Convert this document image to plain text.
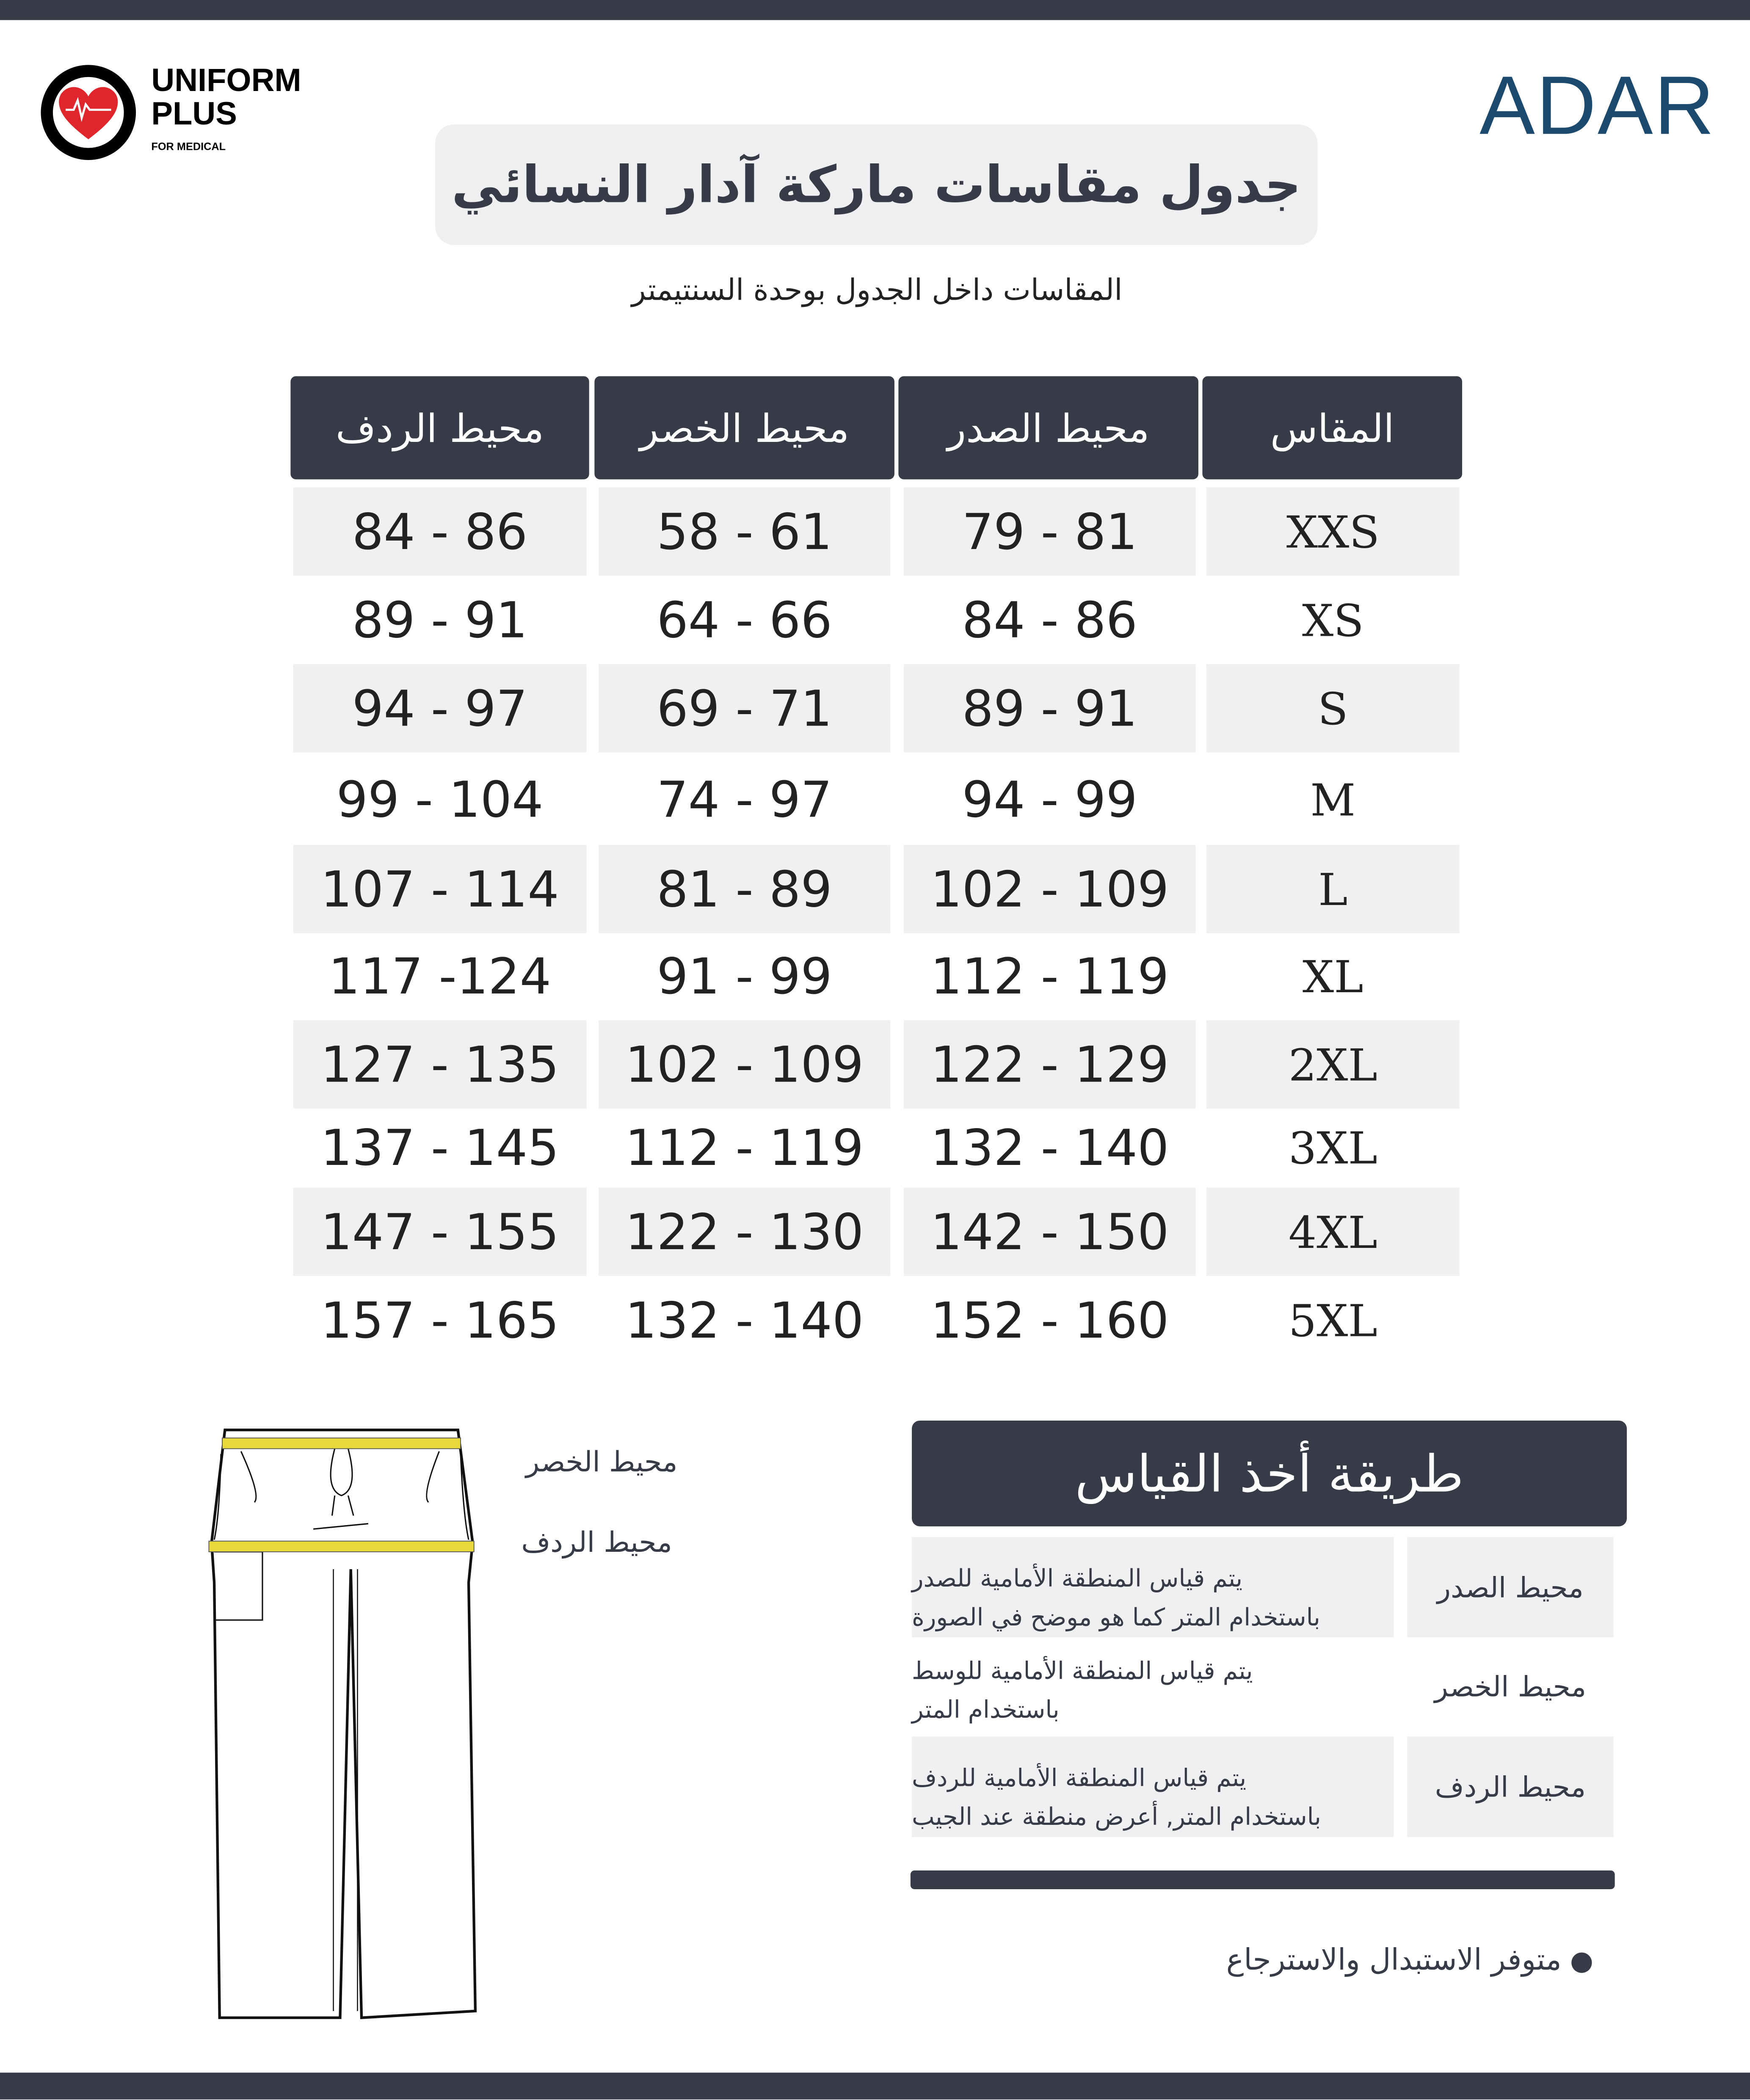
UNIFORM
PLUS
FOR MEDICAL	ADAR
جدول مقاسات ماركة آدار النسائي
المقاسات داخل الجدول بوحدة السنتيمتر
المقاس
محيط الصدر
محيط الخصر
محيط الردف
XXS
79 - 81
58 - 61
84 - 86
XS
84 - 86
64 - 66
89 - 91
S
89 - 91
69 - 71
94 - 97
M
94 - 99
74 - 97
99 - 104
L
102 - 109
81 - 89
107 - 114
XL
112 - 119
91 - 99
117 -124
2XL
122 - 129
102 - 109
127 - 135
3XL
132 - 140
112 - 119
137 - 145
4XL
142 - 150
122 - 130
147 - 155
5XL
152 - 160
132 - 140
157 - 165
محيط الخصر
محيط الردف
طريقة أخذ القياس
محيط الصدر
يتم قياس المنطقة الأمامية للصدر
باستخدام المتر كما هو موضح في الصورة
محيط الخصر
يتم قياس المنطقة الأمامية للوسط
باستخدام المتر
محيط الردف
يتم قياس المنطقة الأمامية للردف
باستخدام المتر, أعرض منطقة عند الجيب
● متوفر الاستبدال والاسترجاع
